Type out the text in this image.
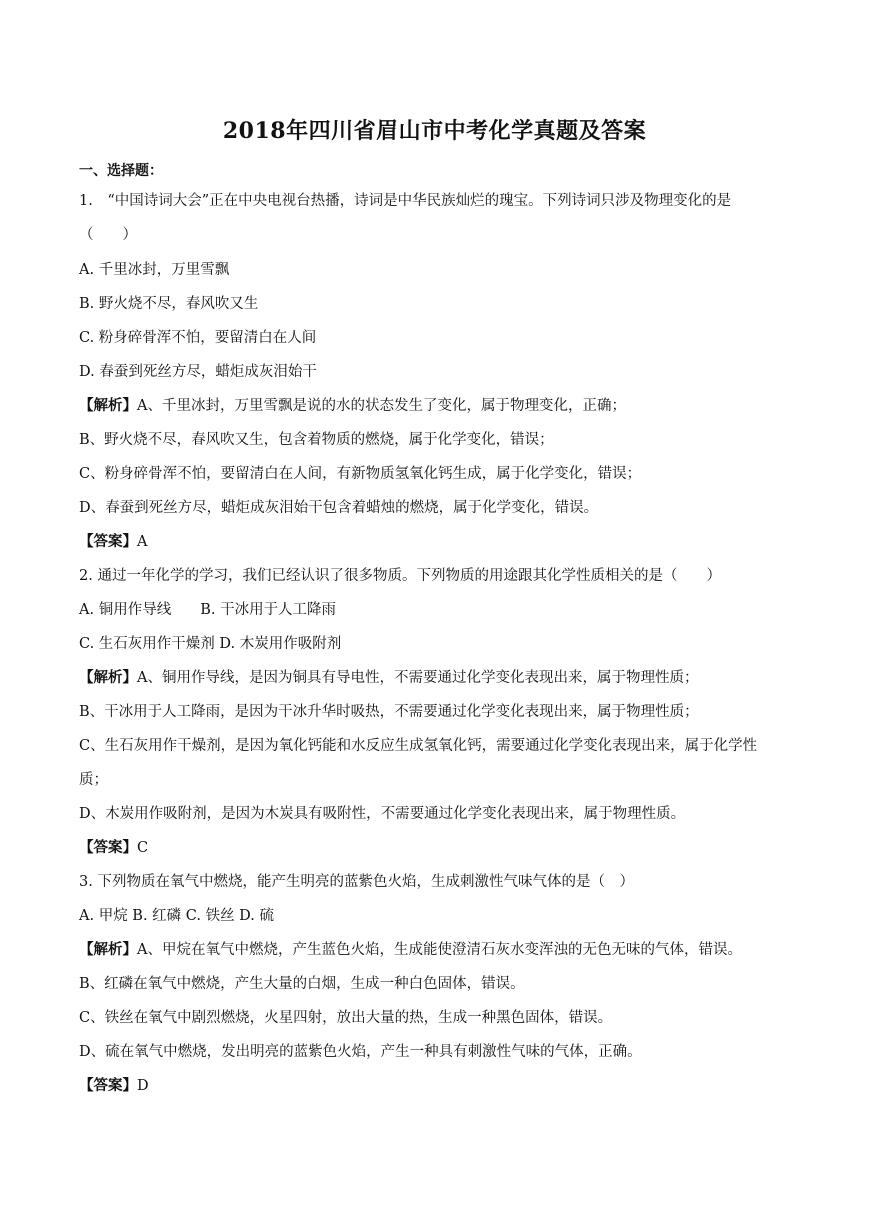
2018年四川省眉山市中考化学真题及答案
一、选择题：
1.　“中国诗词大会”正在中央电视台热播，诗词是中华民族灿烂的瑰宝。下列诗词只涉及物理变化的是
（　　）
A. 千里冰封，万里雪飘
B. 野火烧不尽，春风吹又生
C. 粉身碎骨浑不怕，要留清白在人间
D. 春蚕到死丝方尽，蜡炬成灰泪始干
【解析】A、千里冰封，万里雪飘是说的水的状态发生了变化，属于物理变化，正确；
B、野火烧不尽，春风吹又生，包含着物质的燃烧，属于化学变化，错误；
C、粉身碎骨浑不怕，要留清白在人间，有新物质氢氧化钙生成，属于化学变化，错误；
D、春蚕到死丝方尽，蜡炬成灰泪始干包含着蜡烛的燃烧，属于化学变化，错误。
【答案】A
2. 通过一年化学的学习，我们已经认识了很多物质。下列物质的用途跟其化学性质相关的是（　　）
A. 铜用作导线　　B. 干冰用于人工降雨
C. 生石灰用作干燥剂 D. 木炭用作吸附剂
【解析】A、铜用作导线，是因为铜具有导电性，不需要通过化学变化表现出来，属于物理性质；
B、干冰用于人工降雨，是因为干冰升华时吸热，不需要通过化学变化表现出来，属于物理性质；
C、生石灰用作干燥剂，是因为氧化钙能和水反应生成氢氧化钙，需要通过化学变化表现出来，属于化学性
质；
D、木炭用作吸附剂，是因为木炭具有吸附性，不需要通过化学变化表现出来，属于物理性质。
【答案】C
3. 下列物质在氧气中燃烧，能产生明亮的蓝紫色火焰，生成刺激性气味气体的是（　）
A. 甲烷 B. 红磷 C. 铁丝 D. 硫
【解析】A、甲烷在氧气中燃烧，产生蓝色火焰，生成能使澄清石灰水变浑浊的无色无味的气体，错误。
B、红磷在氧气中燃烧，产生大量的白烟，生成一种白色固体，错误。
C、铁丝在氧气中剧烈燃烧，火星四射，放出大量的热，生成一种黑色固体，错误。
D、硫在氧气中燃烧，发出明亮的蓝紫色火焰，产生一种具有刺激性气味的气体，正确。
【答案】D
